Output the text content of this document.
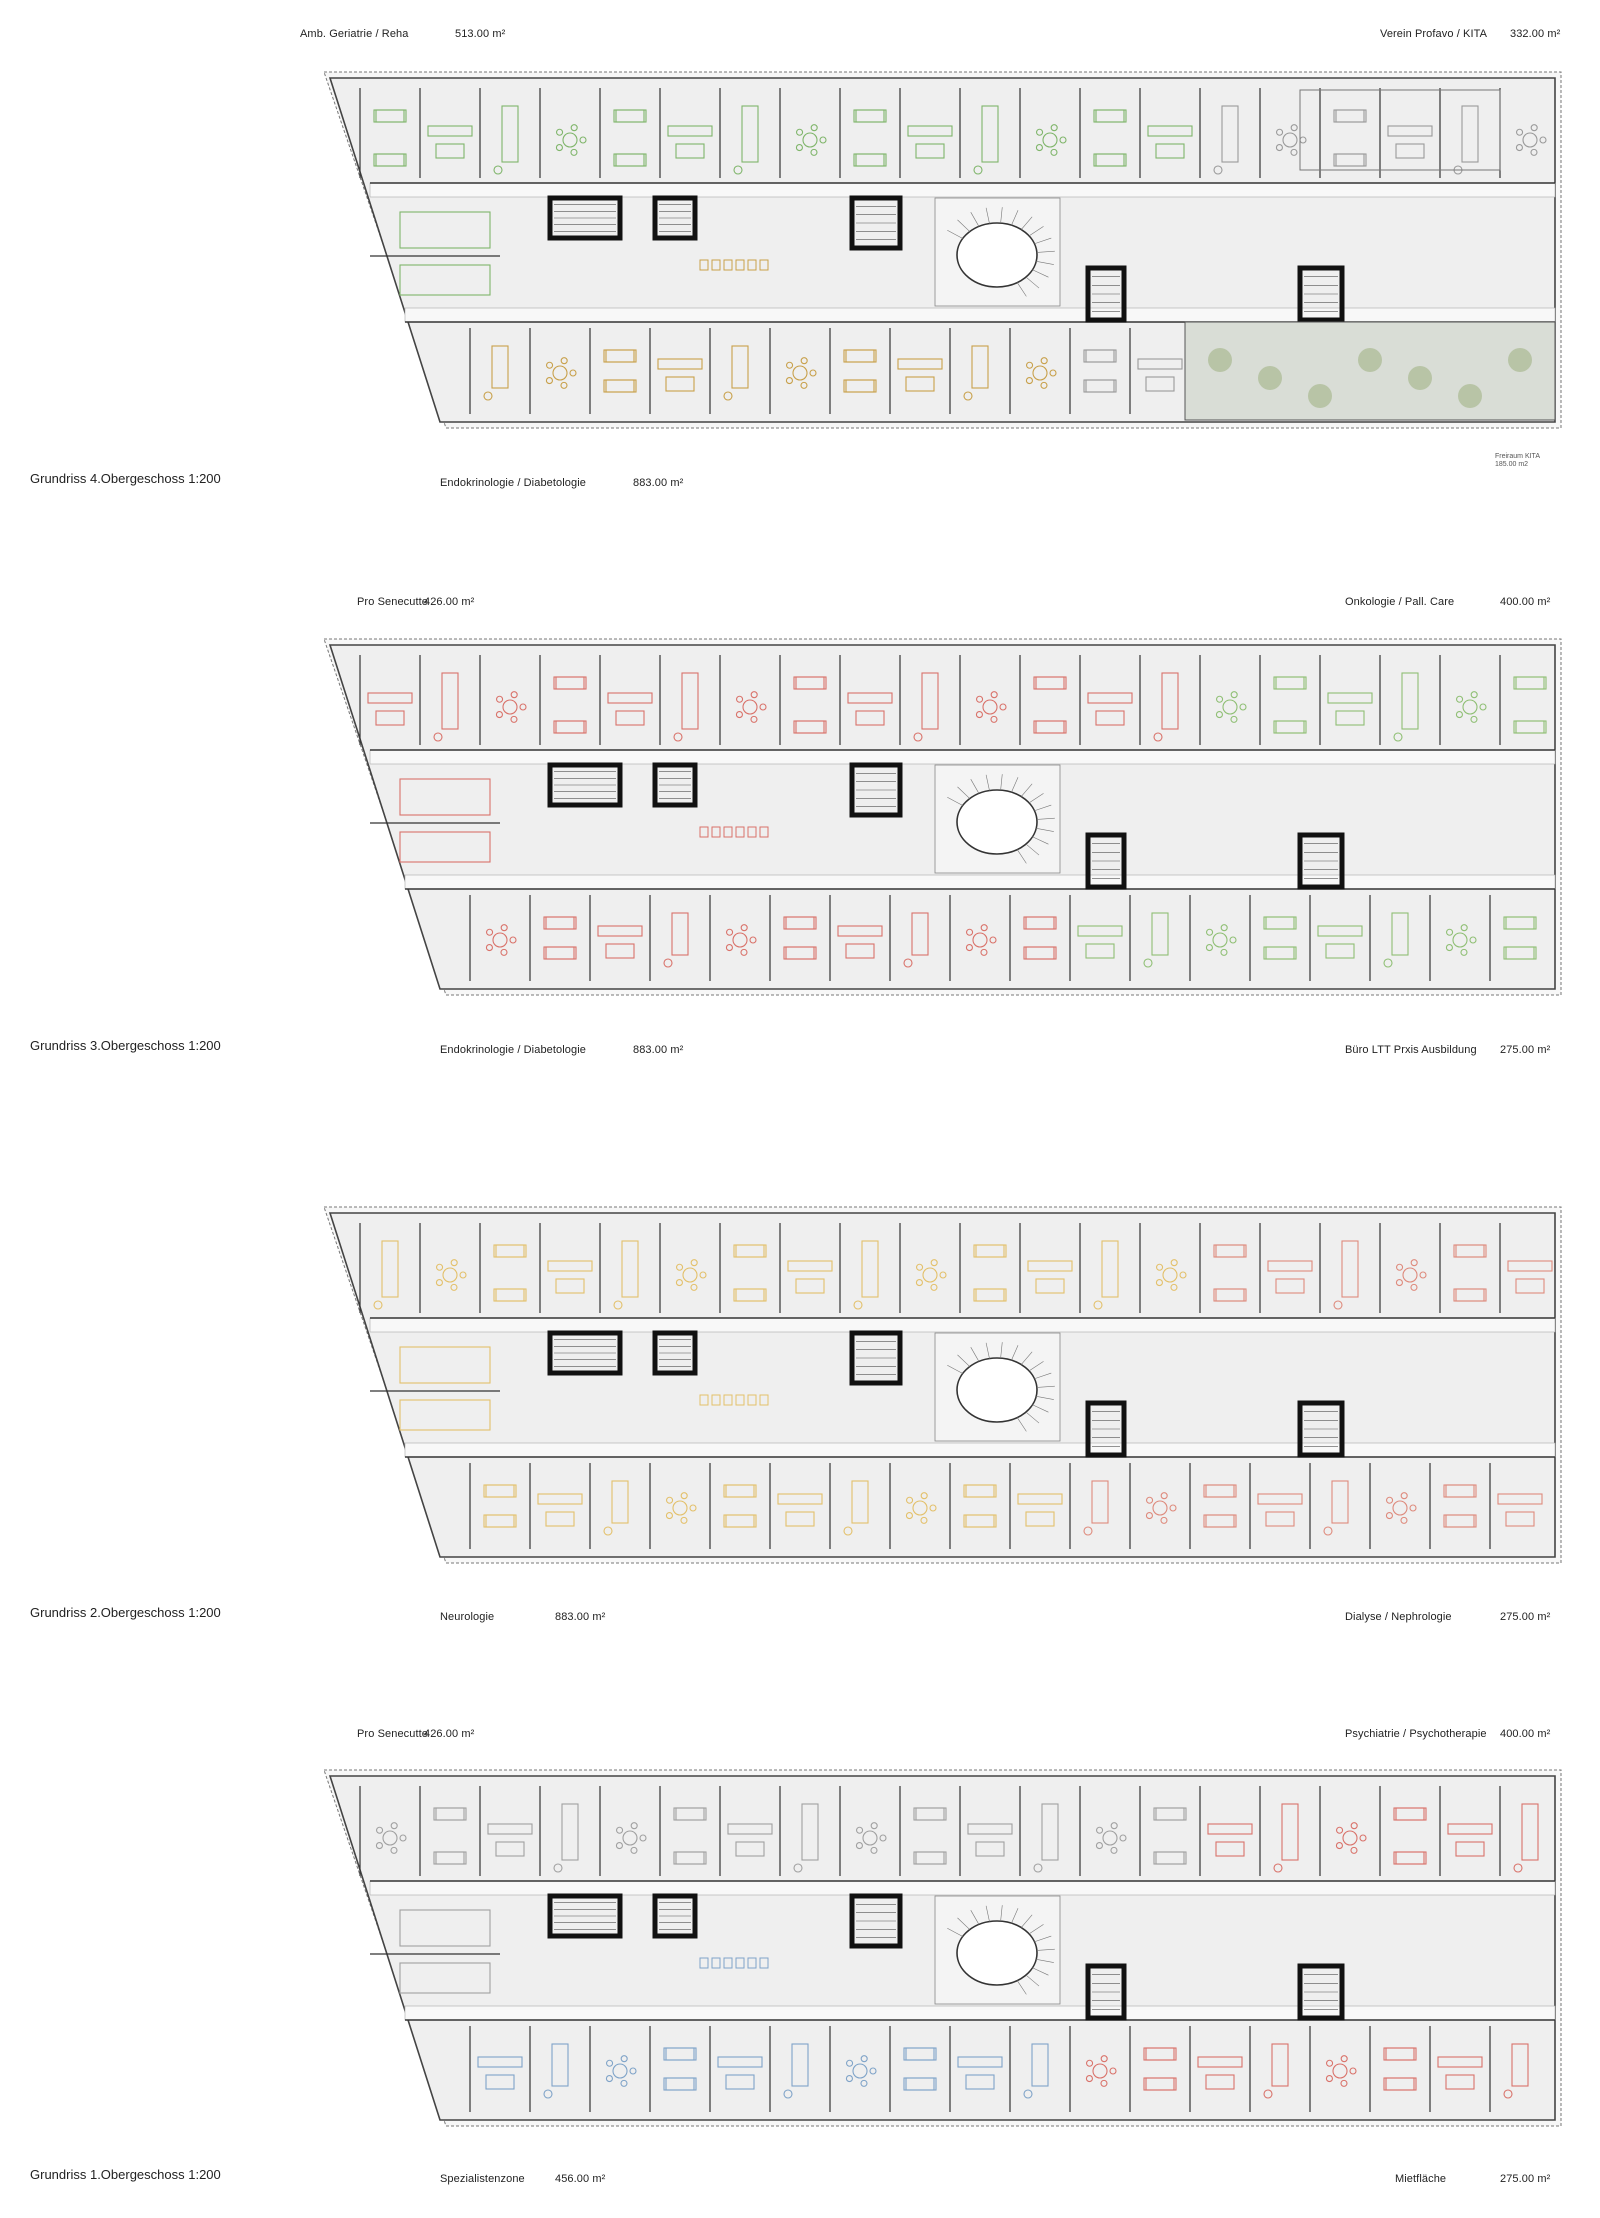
Amb. Geriatrie / Reha	513.00 m²	Verein Profavo / KITA 332.00 m²
Freiraum KITA
185.00 m2
Grundriss 4.Obergeschoss 1:200	Endokrinologie / Diabetologie	883.00 m²
Pro Senecutte
426.00 m²	Onkologie / Pall. Care	400.00 m²
Grundriss 3.Obergeschoss 1:200	Endokrinologie / Diabetologie	883.00 m²	Büro LTT Prxis Ausbildung 275.00 m²
Grundriss 2.Obergeschoss 1:200	Neurologie	883.00 m²	Dialyse / Nephrologie	275.00 m²
Pro Senecutte
426.00 m²	Psychiatrie / Psychotherapie 400.00 m²
Grundriss 1.Obergeschoss 1:200	Spezialistenzone	456.00 m²	Mietfläche	275.00 m²
